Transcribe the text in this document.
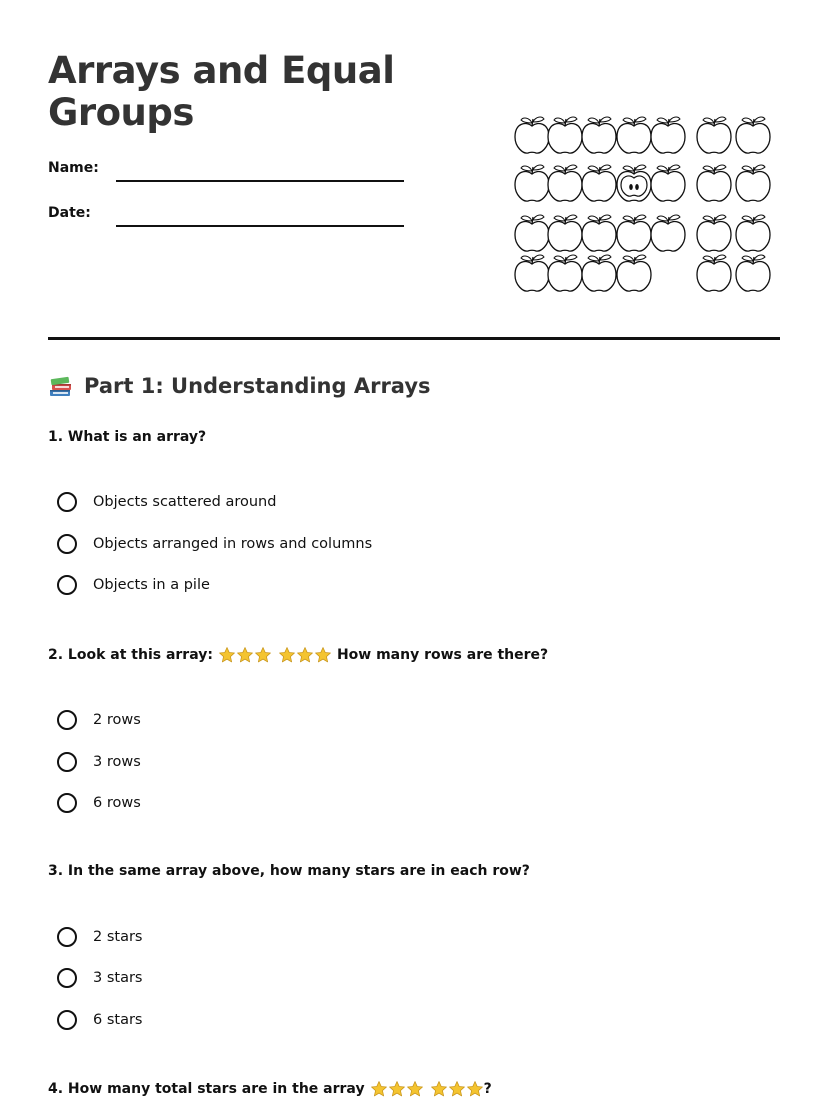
Arrays and Equal Groups
Name:
Date:
Part 1: Understanding Arrays

1. What is an array?

Objects scattered around
Objects arranged in rows and columns
Objects in a pile

2. Look at this array:	How many rows are there?

2 rows
3 rows
6 rows

3. In the same array above, how many stars are in each row?

2 stars
3 stars
6 stars

4. How many total stars are in the array	?
